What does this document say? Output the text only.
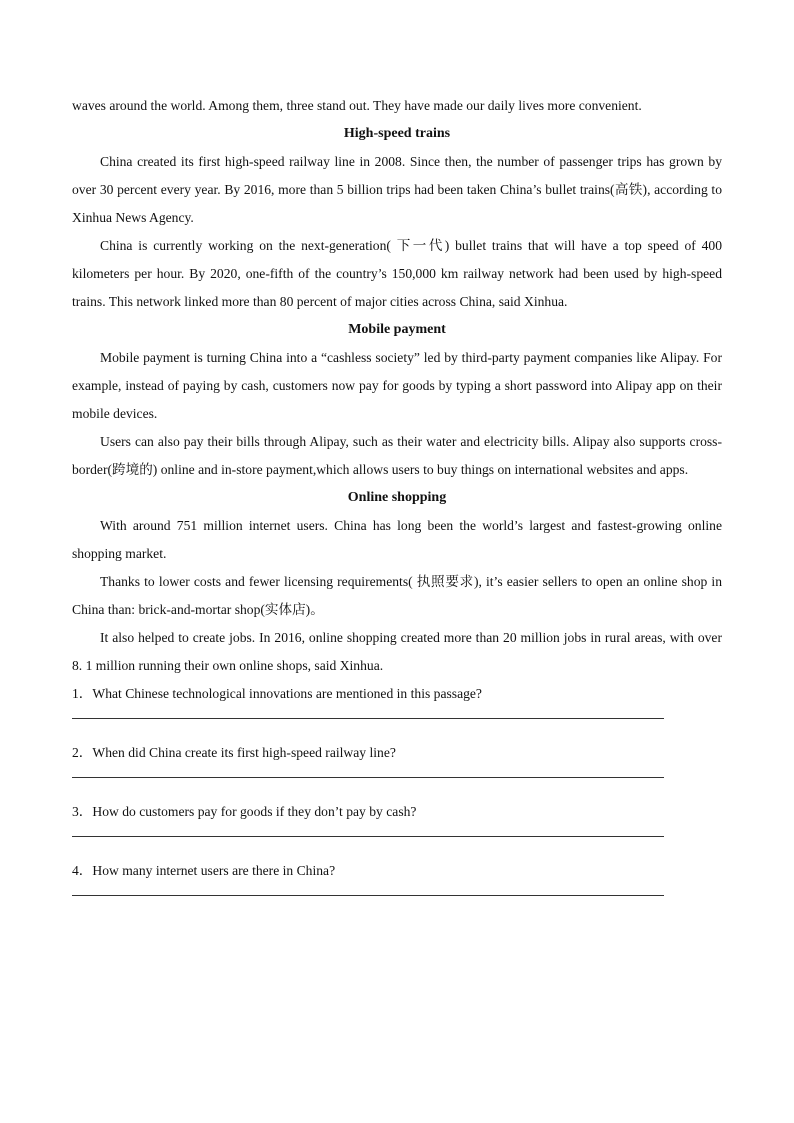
waves around the world. Among them, three stand out. They have made our daily lives more convenient.

High-speed trains

China created its first high-speed railway line in 2008. Since then, the number of passenger trips has grown by over 30 percent every year. By 2016, more than 5 billion trips had been taken China’s bullet trains(高铁), according to Xinhua News Agency.

China is currently working on the next-generation( 下一代) bullet trains that will have a top speed of 400 kilometers per hour. By 2020, one-fifth of the country’s 150,000 km railway network had been used by high-speed trains. This network linked more than 80 percent of major cities across China, said Xinhua.

Mobile payment

Mobile payment is turning China into a “cashless society” led by third-party payment companies like Alipay. For example, instead of paying by cash, customers now pay for goods by typing a short password into Alipay app on their mobile devices.

Users can also pay their bills through Alipay, such as their water and electricity bills. Alipay also supports cross-border(跨境的) online and in-store payment,which allows users to buy things on international websites and apps.

Online shopping

With around 751 million internet users. China has long been the world’s largest and fastest-growing online shopping market.

Thanks to lower costs and fewer licensing requirements( 执照要求), it’s easier sellers to open an online shop in China than: brick-and-mortar shop(实体店)。

It also helped to create jobs. In 2016, online shopping created more than 20 million jobs in rural areas, with over 8. 1 million running their own online shops, said Xinhua.

1．What Chinese technological innovations are mentioned in this passage?

2．When did China create its first high-speed railway line?

3．How do customers pay for goods if they don’t pay by cash?

4．How many internet users are there in China?
